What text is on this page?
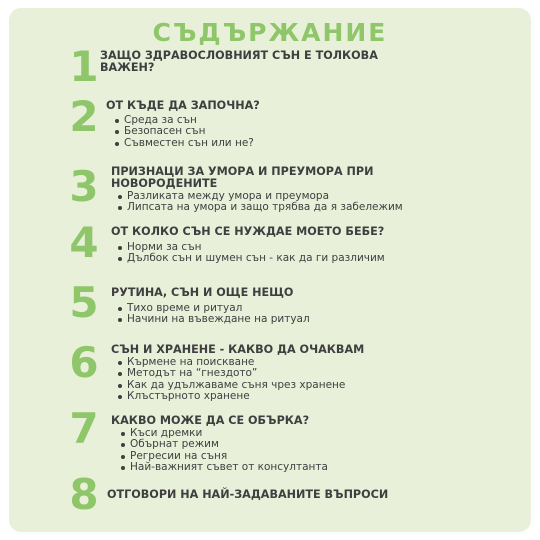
СЪДЪРЖАНИЕ
1 ЗАЩО ЗДРАВОСЛОВНИЯТ СЪН Е ТОЛКОВА
ВАЖЕН?
2 ОТ КЪДЕ ДА ЗАПОЧНА?
Среда за сън
Безопасен сън
Съвместен сън или не?
3	ПРИЗНАЦИ ЗА УМОРА И ПРЕУМОРА ПРИ
НОВОРОДЕНИТЕ
Разликата между умора и преумора
Липсата на умора и защо трябва да я забележим
4	ОТ КОЛКО СЪН СЕ НУЖДАЕ МОЕТО БЕБЕ?
Норми за сън
Дълбок сън и шумен сън - как да ги различим
5	РУТИНА, СЪН И ОЩЕ НЕЩО
Тихо време и ритуал
Начини на въвеждане на ритуал
6	СЪН И ХРАНЕНЕ - КАКВО ДА ОЧАКВАМ
Кърмене на поискване
Методът на “гнездото”
Как да удължаваме съня чрез хранене
Клъстърното хранене
7	КАКВО МОЖЕ ДА СЕ ОБЪРКА?
Къси дремки
Обърнат режим
Регресии на съня
Най-важният съвет от консултанта
8 ОТГОВОРИ НА НАЙ-ЗАДАВАНИТЕ ВЪПРОСИ
